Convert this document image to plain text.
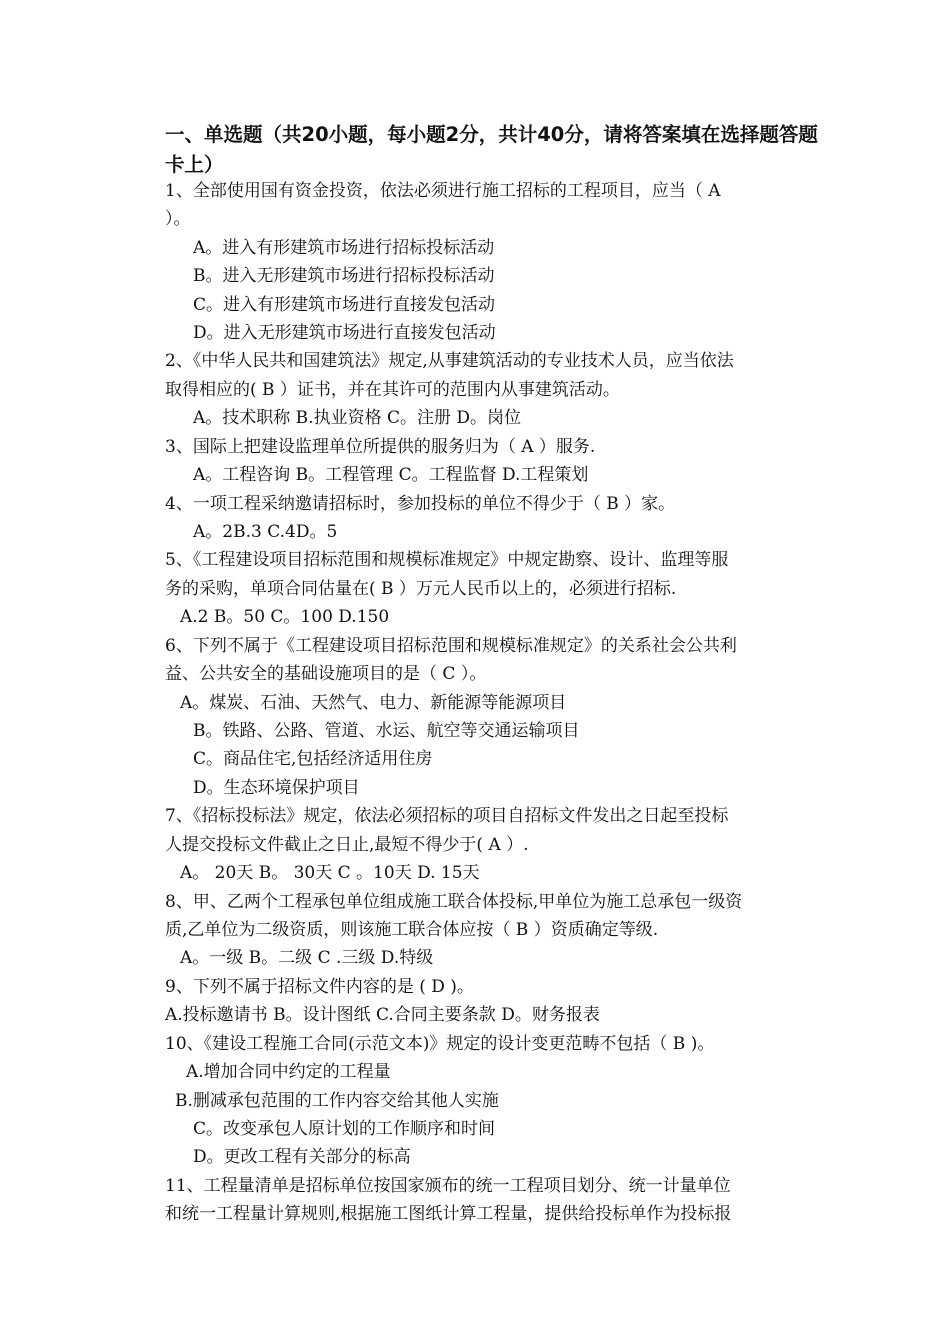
一、单选题（共20小题，每小题2分，共计40分，请将答案填在选择题答题卡上）
1、全部使用国有资金投资，依法必须进行施工招标的工程项目，应当（ A
）。
A。进入有形建筑市场进行招标投标活动
B。进入无形建筑市场进行招标投标活动
C。进入有形建筑市场进行直接发包活动
D。进入无形建筑市场进行直接发包活动
2、《中华人民共和国建筑法》规定,从事建筑活动的专业技术人员，应当依法
取得相应的( B ）证书，并在其许可的范围内从事建筑活动。
A。技术职称 B.执业资格 C。注册 D。岗位
3、国际上把建设监理单位所提供的服务归为（ A ）服务.
A。工程咨询 B。工程管理 C。工程监督 D.工程策划
4、一项工程采纳邀请招标时，参加投标的单位不得少于（ B ）家。
A。2B.3 C.4D。5
5、《工程建设项目招标范围和规模标准规定》中规定勘察、设计、监理等服
务的采购，单项合同估量在( B ）万元人民币以上的，必须进行招标.
A.2 B。50 C。100 D.150
6、下列不属于《工程建设项目招标范围和规模标准规定》的关系社会公共利
益、公共安全的基础设施项目的是（ C ）。
A。煤炭、石油、天然气、电力、新能源等能源项目
B。铁路、公路、管道、水运、航空等交通运输项目
C。商品住宅,包括经济适用住房
D。生态环境保护项目
7、《招标投标法》规定，依法必须招标的项目自招标文件发出之日起至投标
人提交投标文件截止之日止,最短不得少于( A ）.
A。 20天 B。 30天 C 。10天 D. 15天
8、甲、乙两个工程承包单位组成施工联合体投标,甲单位为施工总承包一级资
质,乙单位为二级资质，则该施工联合体应按（ B ）资质确定等级.
A。一级 B。二级 C .三级 D.特级
9、下列不属于招标文件内容的是 ( D )。
A.投标邀请书 B。设计图纸 C.合同主要条款 D。财务报表
10、《建设工程施工合同(示范文本)》规定的设计变更范畴不包括（ B )。
A.增加合同中约定的工程量
B.删减承包范围的工作内容交给其他人实施
C。改变承包人原计划的工作顺序和时间
D。更改工程有关部分的标高
11、工程量清单是招标单位按国家颁布的统一工程项目划分、统一计量单位
和统一工程量计算规则,根据施工图纸计算工程量，提供给投标单作为投标报
